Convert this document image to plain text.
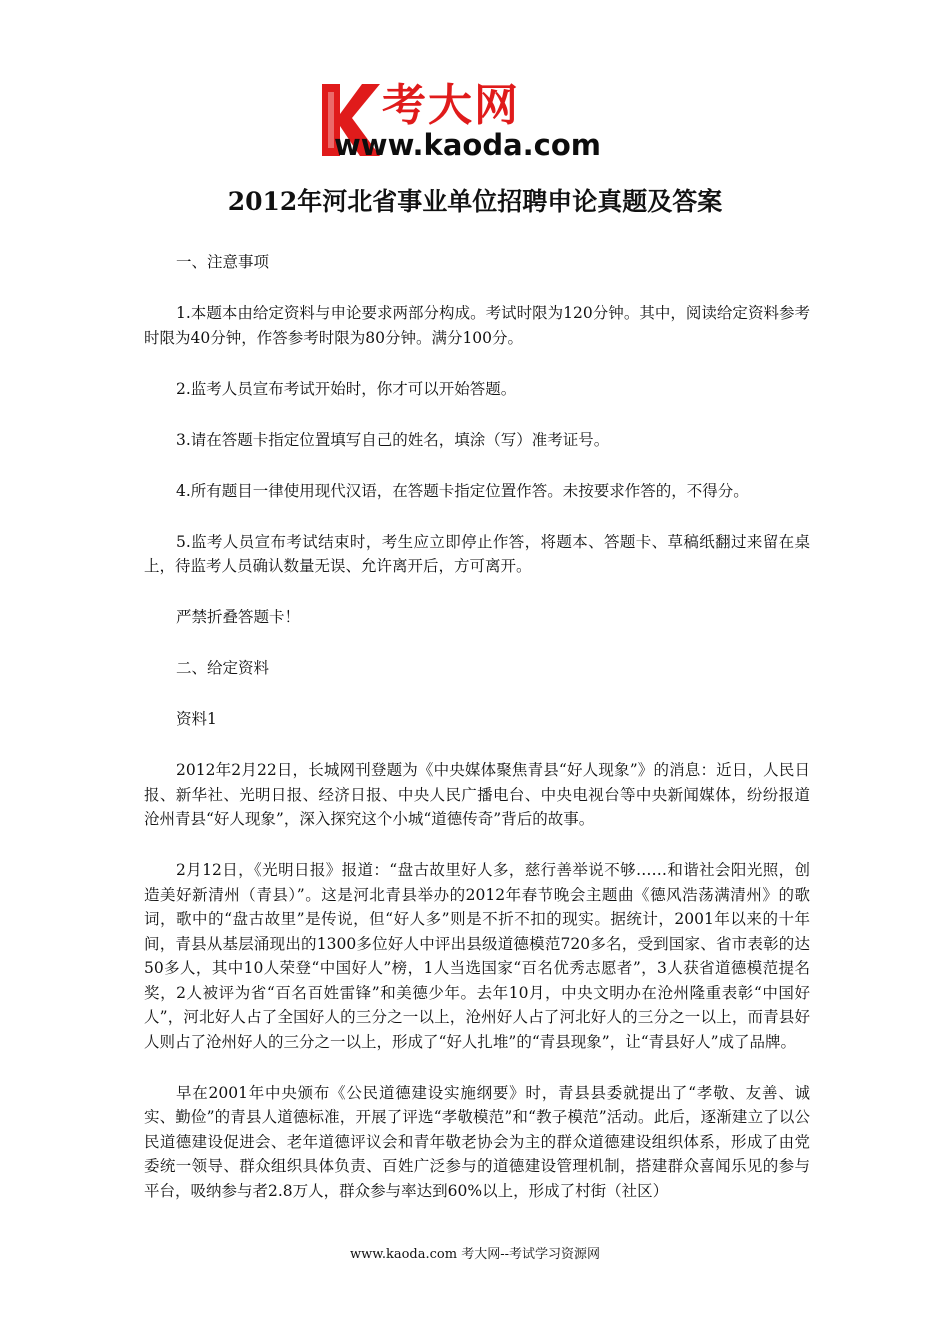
考大网
www.kaoda.com
2012年河北省事业单位招聘申论真题及答案

一、注意事项

1.本题本由给定资料与申论要求两部分构成。考试时限为120分钟。其中，阅读给定资料参考时限为40分钟，作答参考时限为80分钟。满分100分。

2.监考人员宣布考试开始时，你才可以开始答题。

3.请在答题卡指定位置填写自己的姓名，填涂（写）准考证号。

4.所有题目一律使用现代汉语，在答题卡指定位置作答。未按要求作答的，不得分。

5.监考人员宣布考试结束时，考生应立即停止作答，将题本、答题卡、草稿纸翻过来留在桌上，待监考人员确认数量无误、允许离开后，方可离开。

严禁折叠答题卡！

二、给定资料

资料1

2012年2月22日，长城网刊登题为《中央媒体聚焦青县“好人现象”》的消息：近日，人民日报、新华社、光明日报、经济日报、中央人民广播电台、中央电视台等中央新闻媒体，纷纷报道沧州青县“好人现象”，深入探究这个小城“道德传奇”背后的故事。

2月12日，《光明日报》报道：“盘古故里好人多，慈行善举说不够……和谐社会阳光照，创造美好新清州（青县）”。这是河北青县举办的2012年春节晚会主题曲《德风浩荡满清州》的歌词，歌中的“盘古故里”是传说，但“好人多”则是不折不扣的现实。据统计，2001年以来的十年间，青县从基层涌现出的1300多位好人中评出县级道德模范720多名，受到国家、省市表彰的达50多人，其中10人荣登“中国好人”榜，1人当选国家“百名优秀志愿者”，3人获省道德模范提名奖，2人被评为省“百名百姓雷锋”和美德少年。去年10月，中央文明办在沧州隆重表彰“中国好人”，河北好人占了全国好人的三分之一以上，沧州好人占了河北好人的三分之一以上，而青县好人则占了沧州好人的三分之一以上，形成了“好人扎堆”的“青县现象”，让“青县好人”成了品牌。

早在2001年中央颁布《公民道德建设实施纲要》时，青县县委就提出了“孝敬、友善、诚实、勤俭”的青县人道德标准，开展了评选“孝敬模范”和“教子模范”活动。此后，逐渐建立了以公民道德建设促进会、老年道德评议会和青年敬老协会为主的群众道德建设组织体系，形成了由党委统一领导、群众组织具体负责、百姓广泛参与的道德建设管理机制，搭建群众喜闻乐见的参与平台，吸纳参与者2.8万人，群众参与率达到60%以上，形成了村街（社区）

www.kaoda.com 考大网--考试学习资源网
